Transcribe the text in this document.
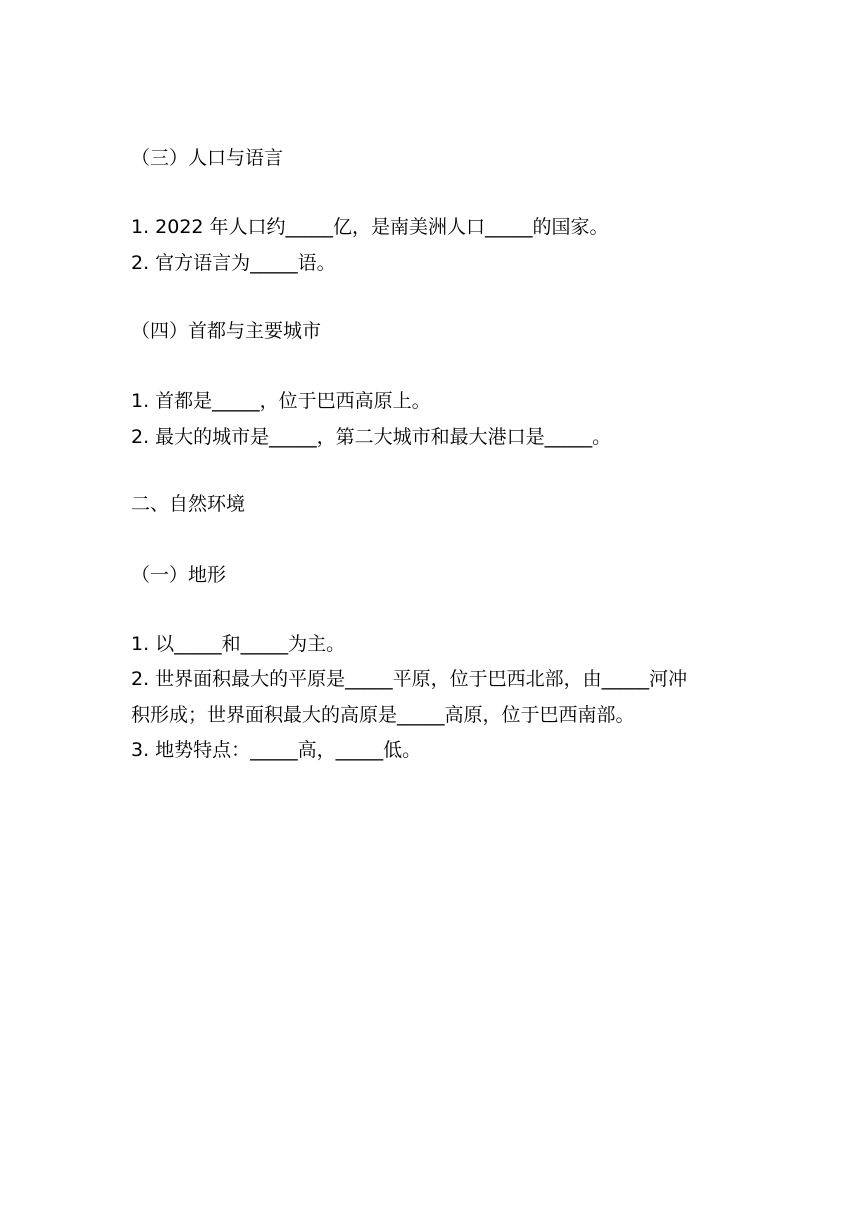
（三）人口与语言
1. 2022 年人口约_____亿，是南美洲人口_____的国家。
2. 官方语言为_____语。
（四）首都与主要城市
1. 首都是_____，位于巴西高原上。
2. 最大的城市是_____，第二大城市和最大港口是_____。
二、自然环境
（一）地形
1. 以_____和_____为主。
2. 世界面积最大的平原是_____平原，位于巴西北部，由_____河冲
积形成；世界面积最大的高原是_____高原，位于巴西南部。
3. 地势特点：_____高，_____低。
